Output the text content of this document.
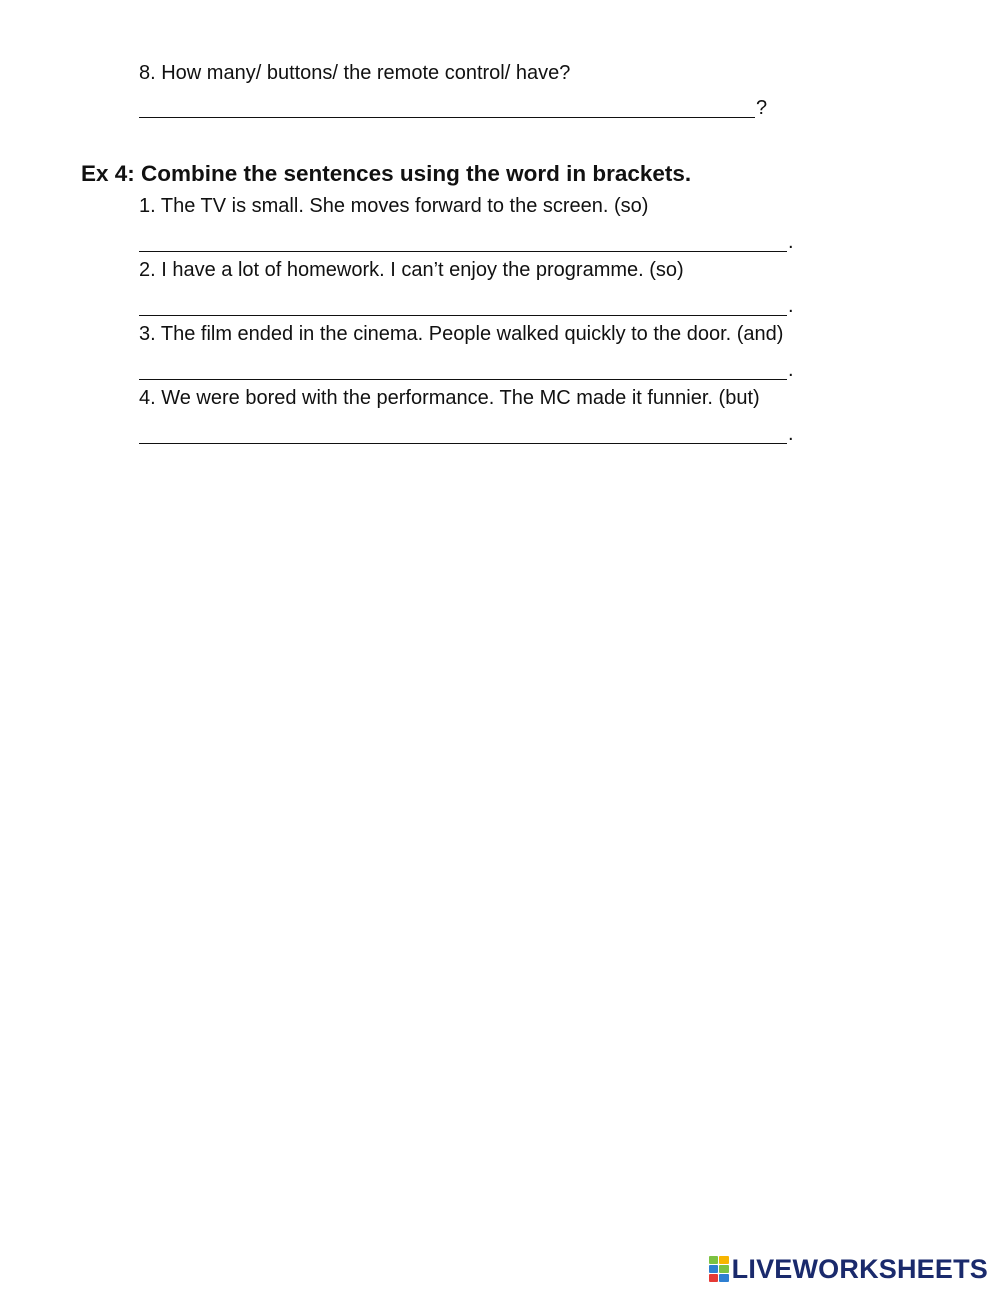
8. How many/ buttons/ the remote control/ have?
?
Ex 4: Combine the sentences using the word in brackets.
1. The TV is small. She moves forward to the screen. (so)
.
2. I have a lot of homework. I can’t enjoy the programme. (so)
.
3. The film ended in the cinema. People walked quickly to the door. (and)
.
4. We were bored with the performance. The MC made it funnier. (but)
.
LIVEWORKSHEETS
